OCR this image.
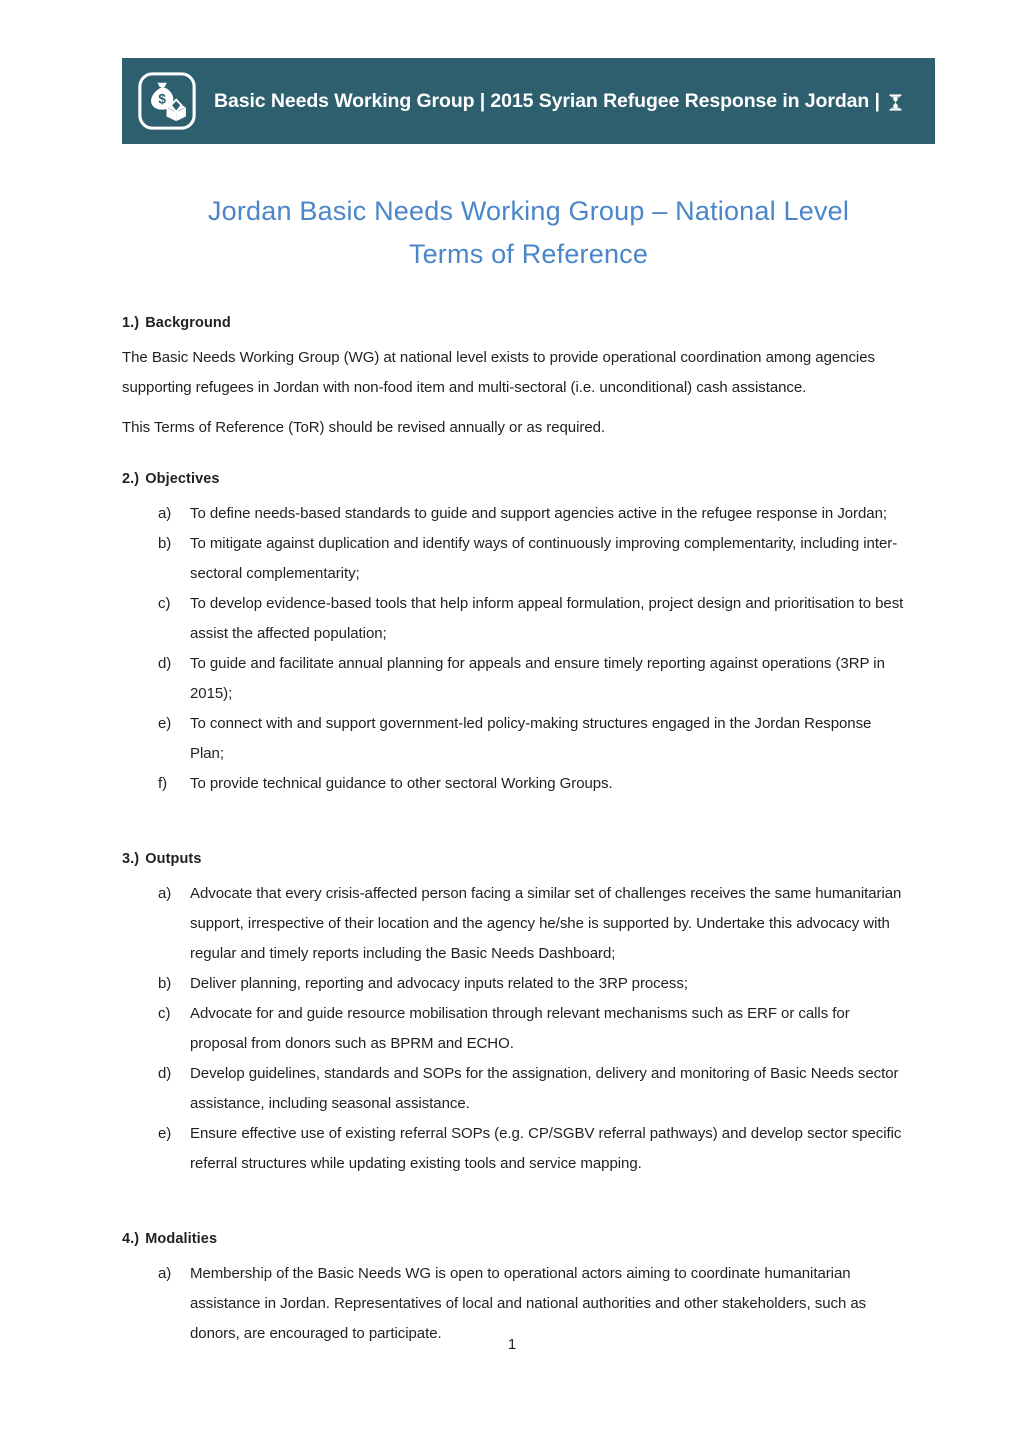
$ Basic Needs Working Group | 2015 Syrian Refugee Response in Jordan |
Jordan Basic Needs Working Group – National Level
Terms of Reference
1.) Background

The Basic Needs Working Group (WG) at national level exists to provide operational coordination among agencies supporting refugees in Jordan with non-food item and multi-sectoral (i.e. unconditional) cash assistance.

This Terms of Reference (ToR) should be revised annually or as required.

2.) Objectives
a)	To define needs-based standards to guide and support agencies active in the refugee response in Jordan;
b)	To mitigate against duplication and identify ways of continuously improving complementarity, including inter-sectoral complementarity;
c)	To develop evidence-based tools that help inform appeal formulation, project design and prioritisation to best assist the affected population;
d)	To guide and facilitate annual planning for appeals and ensure timely reporting against operations (3RP in 2015);
e)	To connect with and support government-led policy-making structures engaged in the Jordan Response Plan;
f)	To provide technical guidance to other sectoral Working Groups.
3.) Outputs
a)	Advocate that every crisis-affected person facing a similar set of challenges receives the same humanitarian support, irrespective of their location and the agency he/she is supported by. Undertake this advocacy with regular and timely reports including the Basic Needs Dashboard;
b)	Deliver planning, reporting and advocacy inputs related to the 3RP process;
c)	Advocate for and guide resource mobilisation through relevant mechanisms such as ERF or calls for proposal from donors such as BPRM and ECHO.
d)	Develop guidelines, standards and SOPs for the assignation, delivery and monitoring of Basic Needs sector assistance, including seasonal assistance.
e)	Ensure effective use of existing referral SOPs (e.g. CP/SGBV referral pathways) and develop sector specific referral structures while updating existing tools and service mapping.
4.) Modalities
a)	Membership of the Basic Needs WG is open to operational actors aiming to coordinate humanitarian assistance in Jordan. Representatives of local and national authorities and other stakeholders, such as donors, are encouraged to participate.
1
